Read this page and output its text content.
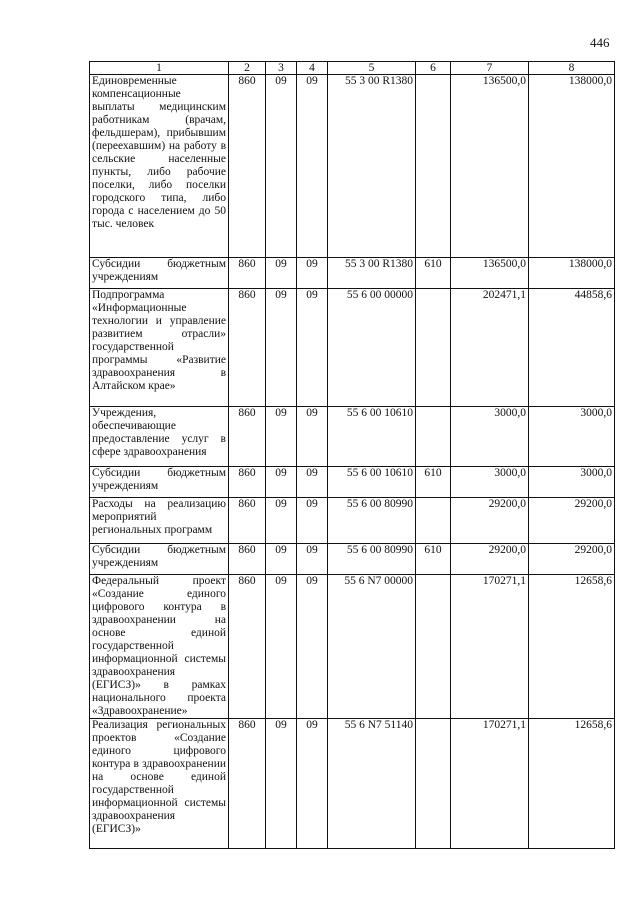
446
1	2	3	4	5	6	7	8
Единовременные компенсационные выплаты медицинским работникам (врачам, фельдшерам), прибывшим (переехавшим) на работу в сельские населенные пункты, либо рабочие поселки, либо поселки городского типа, либо города с населением до 50 тыс. человек	860	09	09	55 3 00 R1380		136500,0	138000,0
Субсидии бюджетным учреждениям	860	09	09	55 3 00 R1380	610	136500,0	138000,0
Подпрограмма «Информационные технологии и управление развитием отрасли» государственной программы «Развитие здравоохранения в Алтайском крае»	860	09	09	55 6 00 00000		202471,1	44858,6
Учреждения, обеспечивающие предоставление услуг в сфере здравоохранения	860	09	09	55 6 00 10610		3000,0	3000,0
Субсидии бюджетным учреждениям	860	09	09	55 6 00 10610	610	3000,0	3000,0
Расходы на реализацию мероприятий региональных программ	860	09	09	55 6 00 80990		29200,0	29200,0
Субсидии бюджетным учреждениям	860	09	09	55 6 00 80990	610	29200,0	29200,0
Федеральный проект «Создание единого цифрового контура в здравоохранении на основе единой государственной информационной системы здравоохранения (ЕГИСЗ)» в рамках национального проекта «Здравоохранение»	860	09	09	55 6 N7 00000		170271,1	12658,6
Реализация региональных проектов «Создание единого цифрового контура в здравоохранении на основе единой государственной информационной системы здравоохранения (ЕГИСЗ)»	860	09	09	55 6 N7 51140		170271,1	12658,6
